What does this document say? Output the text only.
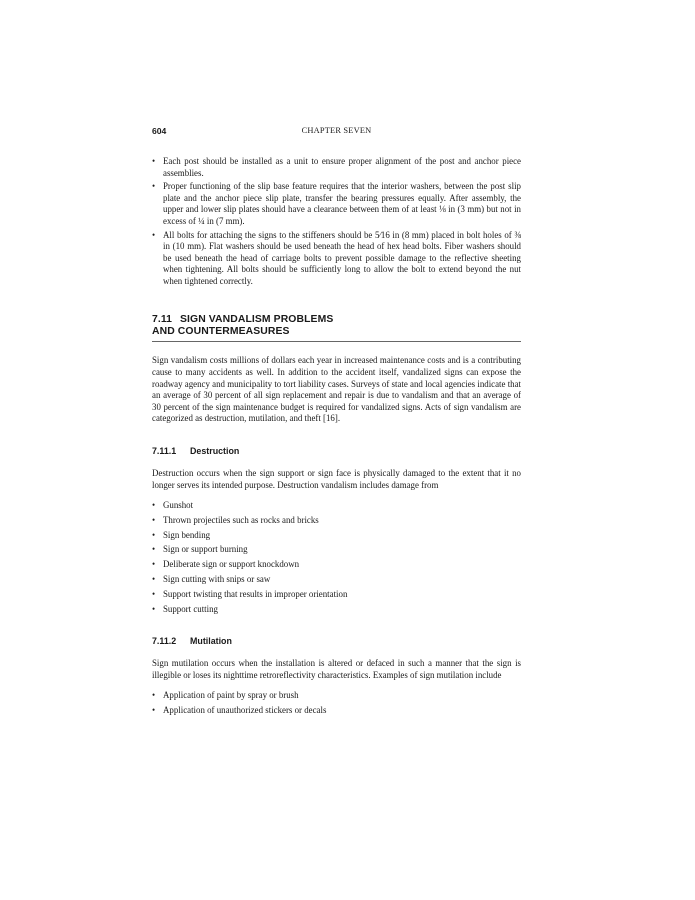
604	CHAPTER SEVEN
• Each post should be installed as a unit to ensure proper alignment of the post and anchor piece assemblies.
• Proper functioning of the slip base feature requires that the interior washers, between the post slip plate and the anchor piece slip plate, transfer the bearing pressures equally. After assembly, the upper and lower slip plates should have a clearance between them of at least ⅛ in (3 mm) but not in excess of ¼ in (7 mm).
• All bolts for attaching the signs to the stiffeners should be 5⁄16 in (8 mm) placed in bolt holes of ⅜ in (10 mm). Flat washers should be used beneath the head of hex head bolts. Fiber washers should be used beneath the head of carriage bolts to prevent possible damage to the reflective sheeting when tightening. All bolts should be sufficiently long to allow the bolt to extend beyond the nut when tightened correctly.
7.11 SIGN VANDALISM PROBLEMS
AND COUNTERMEASURES

Sign vandalism costs millions of dollars each year in increased maintenance costs and is a contributing cause to many accidents as well. In addition to the accident itself, vandalized signs can expose the roadway agency and municipality to tort liability cases. Surveys of state and local agencies indicate that an average of 30 percent of all sign replacement and repair is due to vandalism and that an average of 30 percent of the sign maintenance budget is required for vandalized signs. Acts of sign vandalism are categorized as destruction, mutilation, and theft [16].

7.11.1 Destruction

Destruction occurs when the sign support or sign face is physically damaged to the extent that it no longer serves its intended purpose. Destruction vandalism includes damage from

• Gunshot
• Thrown projectiles such as rocks and bricks
• Sign bending
• Sign or support burning
• Deliberate sign or support knockdown
• Sign cutting with snips or saw
• Support twisting that results in improper orientation
• Support cutting
7.11.2 Mutilation

Sign mutilation occurs when the installation is altered or defaced in such a manner that the sign is illegible or loses its nighttime retroreflectivity characteristics. Examples of sign mutilation include

• Application of paint by spray or brush
• Application of unauthorized stickers or decals
